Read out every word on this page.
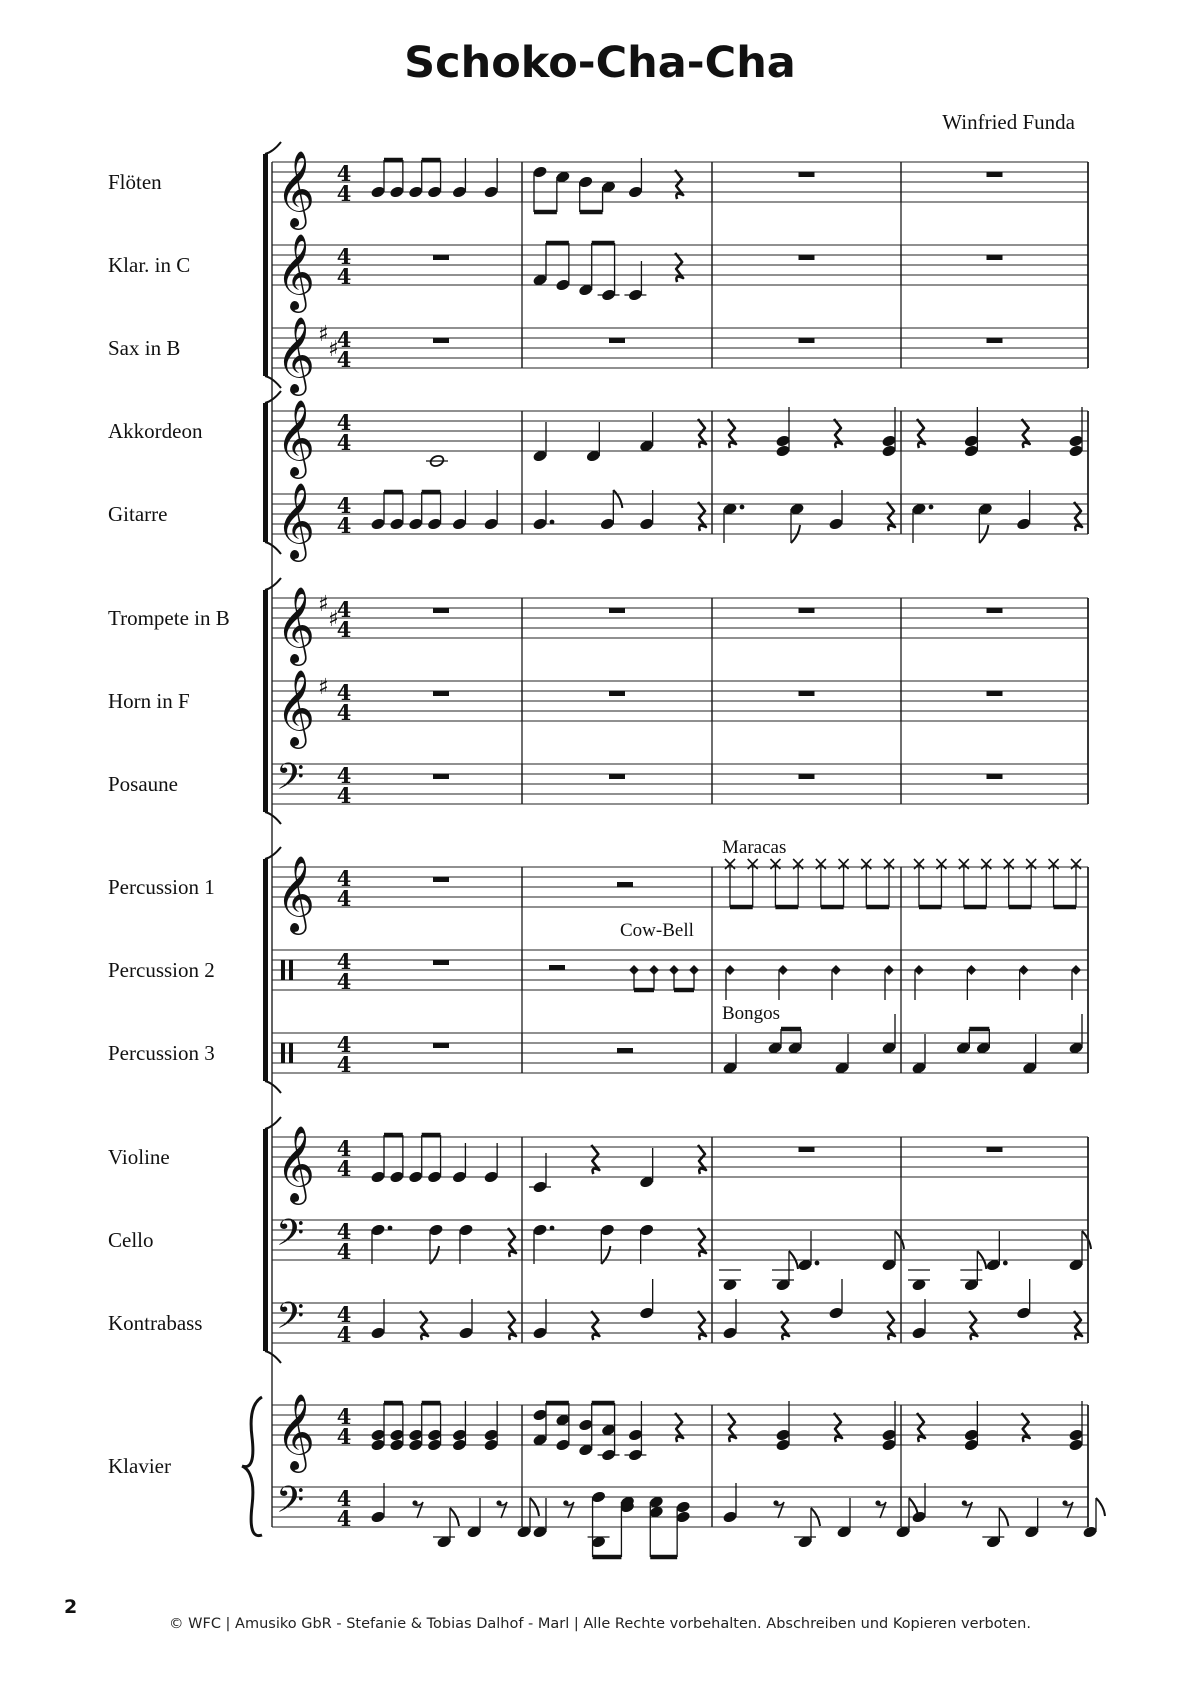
Schoko-Cha-Cha
Winfried Funda
𝄞 4
4
Flöten
𝄞 4
4
Klar. in C
𝄞 ♯
♯
4
4
Sax in B
𝄞 4
4
Akkordeon
𝄞 4
4
Gitarre
𝄞 ♯
♯
4
4
Trompete in B
𝄞 ♯ 4
4
Horn in F
𝄢 4
4
Posaune
𝄞 4
4
Percussion 1
4
4
Percussion 2
4
4
Percussion 3
𝄞 4
4
Violine
𝄢 4
4
Cello
𝄢 4
4
Kontrabass
𝄞 4
4
Klavier
𝄢 4
4
Maracas
Cow-Bell
Bongos
2
© WFC | Amusiko GbR - Stefanie & Tobias Dalhof - Marl | Alle Rechte vorbehalten. Abschreiben und Kopieren verboten.
